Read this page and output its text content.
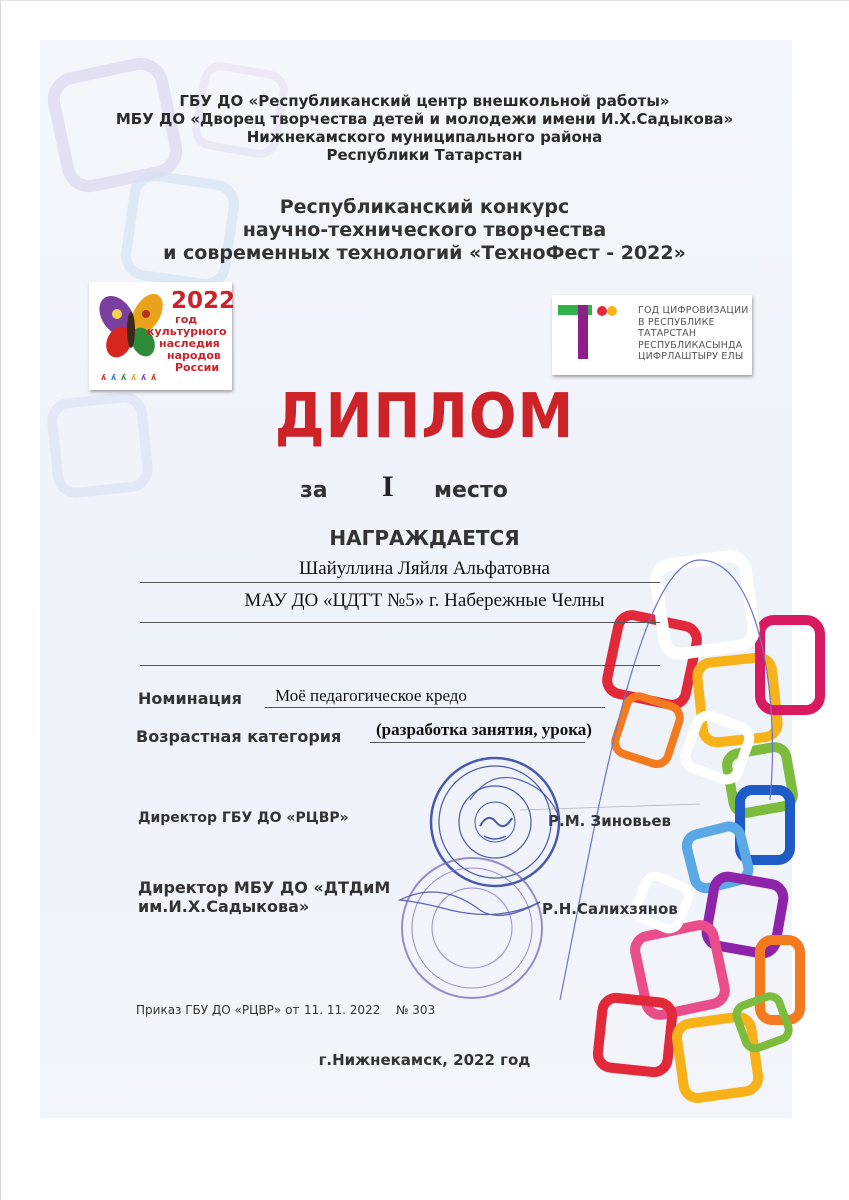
ГБУ ДО «Республиканский центр внешкольной работы»
МБУ ДО «Дворец творчества детей и молодежи имени И.Х.Садыкова»
Нижнекамского муниципального района
Республики Татарстан
Республиканский конкурс
научно-технического творчества
и современных технологий «ТехноФест - 2022»
ʎ ʎ ʎ ʎ ʎ ʎ
2022
год
культурного
наследия
народов
России
ГОД ЦИФРОВИЗАЦИИ
В РЕСПУБЛИКЕ
ТАТАРСТАН
РЕСПУБЛИКАСЫНДА
ЦИФРЛАШТЫРУ ЕЛЫ
ДИПЛОМ
за I место
НАГРАЖДАЕТСЯ
Шайуллина Ляйля Альфатовна
МАУ ДО «ЦДТТ №5» г. Набережные Челны
Номинация Моё педагогическое кредо
Возрастная категория (разработка занятия, урока)
Директор ГБУ ДО «РЦВР»	Р.М. Зиновьев
Директор МБУ ДО «ДТДиМ
им.И.Х.Садыкова»	Р.Н.Салихзянов
Приказ ГБУ ДО «РЦВР» от 11. 11. 2022 № 303
г.Нижнекамск, 2022 год
